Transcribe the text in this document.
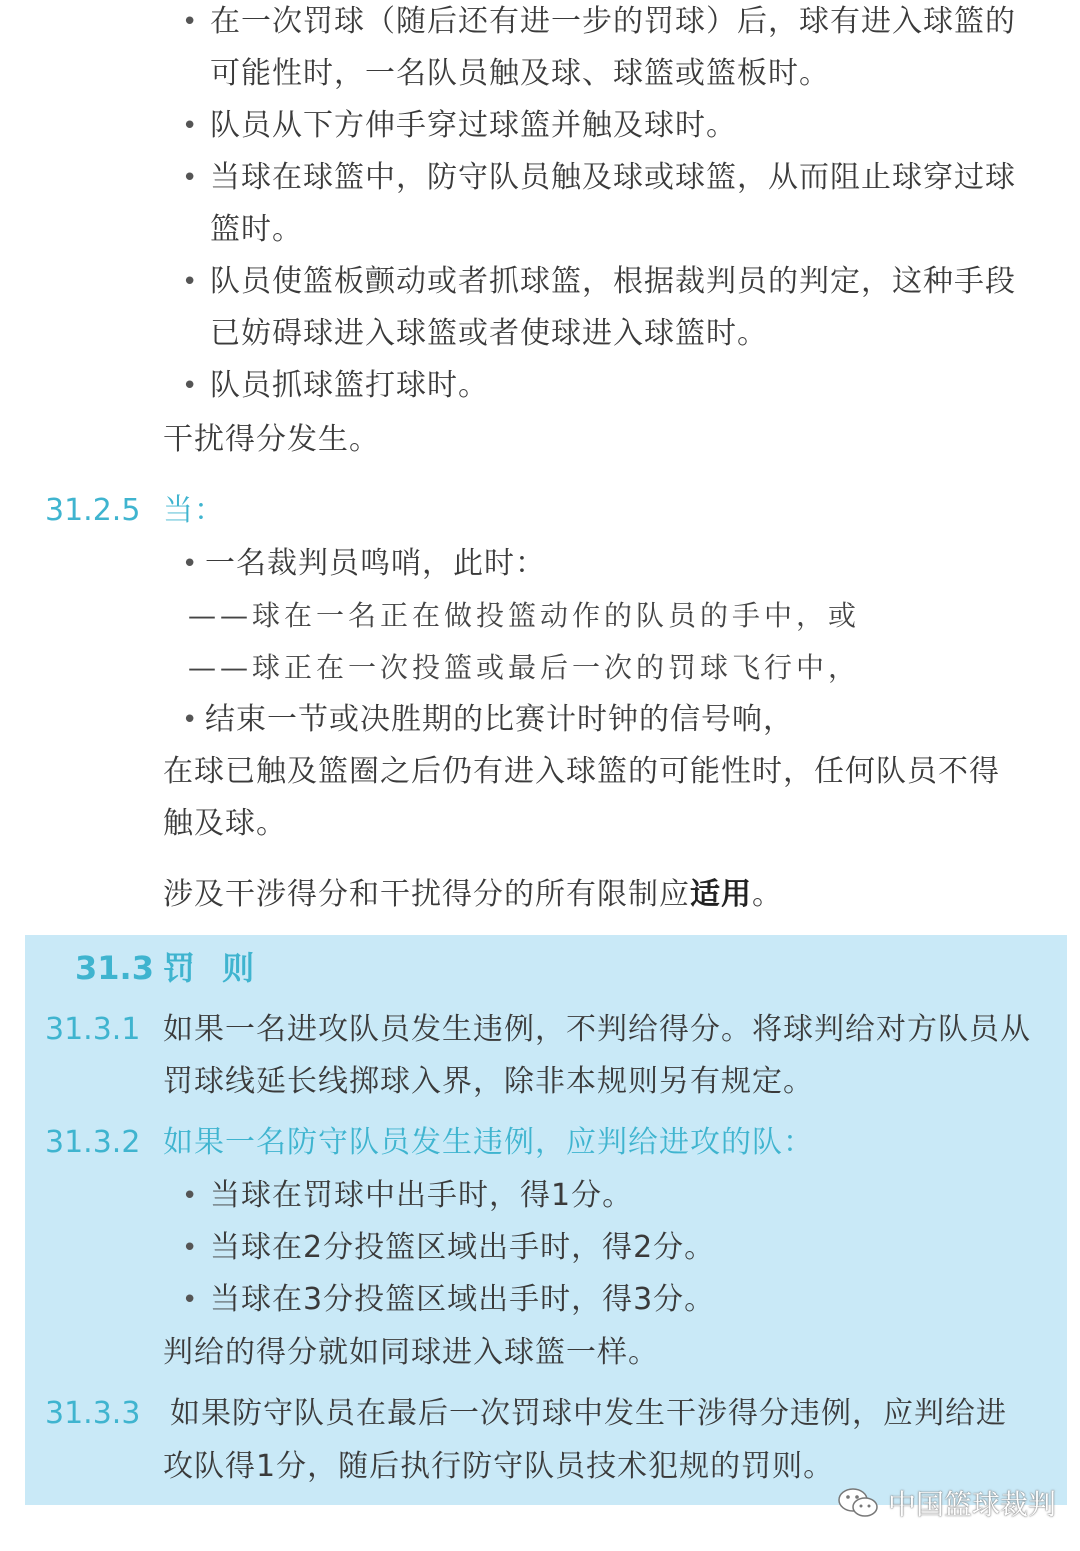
• 在一次罚球（随后还有进一步的罚球）后，球有进入球篮的
可能性时，一名队员触及球、球篮或篮板时。
• 队员从下方伸手穿过球篮并触及球时。
• 当球在球篮中，防守队员触及球或球篮，从而阻止球穿过球
篮时。
• 队员使篮板颤动或者抓球篮，根据裁判员的判定，这种手段
已妨碍球进入球篮或者使球进入球篮时。
• 队员抓球篮打球时。
干扰得分发生。
31.2.5 当：
• 一名裁判员鸣哨，此时：
——球在一名正在做投篮动作的队员的手中，或
——球正在一次投篮或最后一次的罚球飞行中，
• 结束一节或决胜期的比赛计时钟的信号响，
在球已触及篮圈之后仍有进入球篮的可能性时，任何队员不得
触及球。
涉及干涉得分和干扰得分的所有限制应适用。
31.3 罚 则
31.3.1 如果一名进攻队员发生违例，不判给得分。将球判给对方队员从
罚球线延长线掷球入界，除非本规则另有规定。
31.3.2 如果一名防守队员发生违例，应判给进攻的队：
• 当球在罚球中出手时，得1分。
• 当球在2分投篮区域出手时，得2分。
• 当球在3分投篮区域出手时，得3分。
判给的得分就如同球进入球篮一样。
31.3.3 如果防守队员在最后一次罚球中发生干涉得分违例，应判给进
攻队得1分，随后执行防守队员技术犯规的罚则。
中国篮球裁判
